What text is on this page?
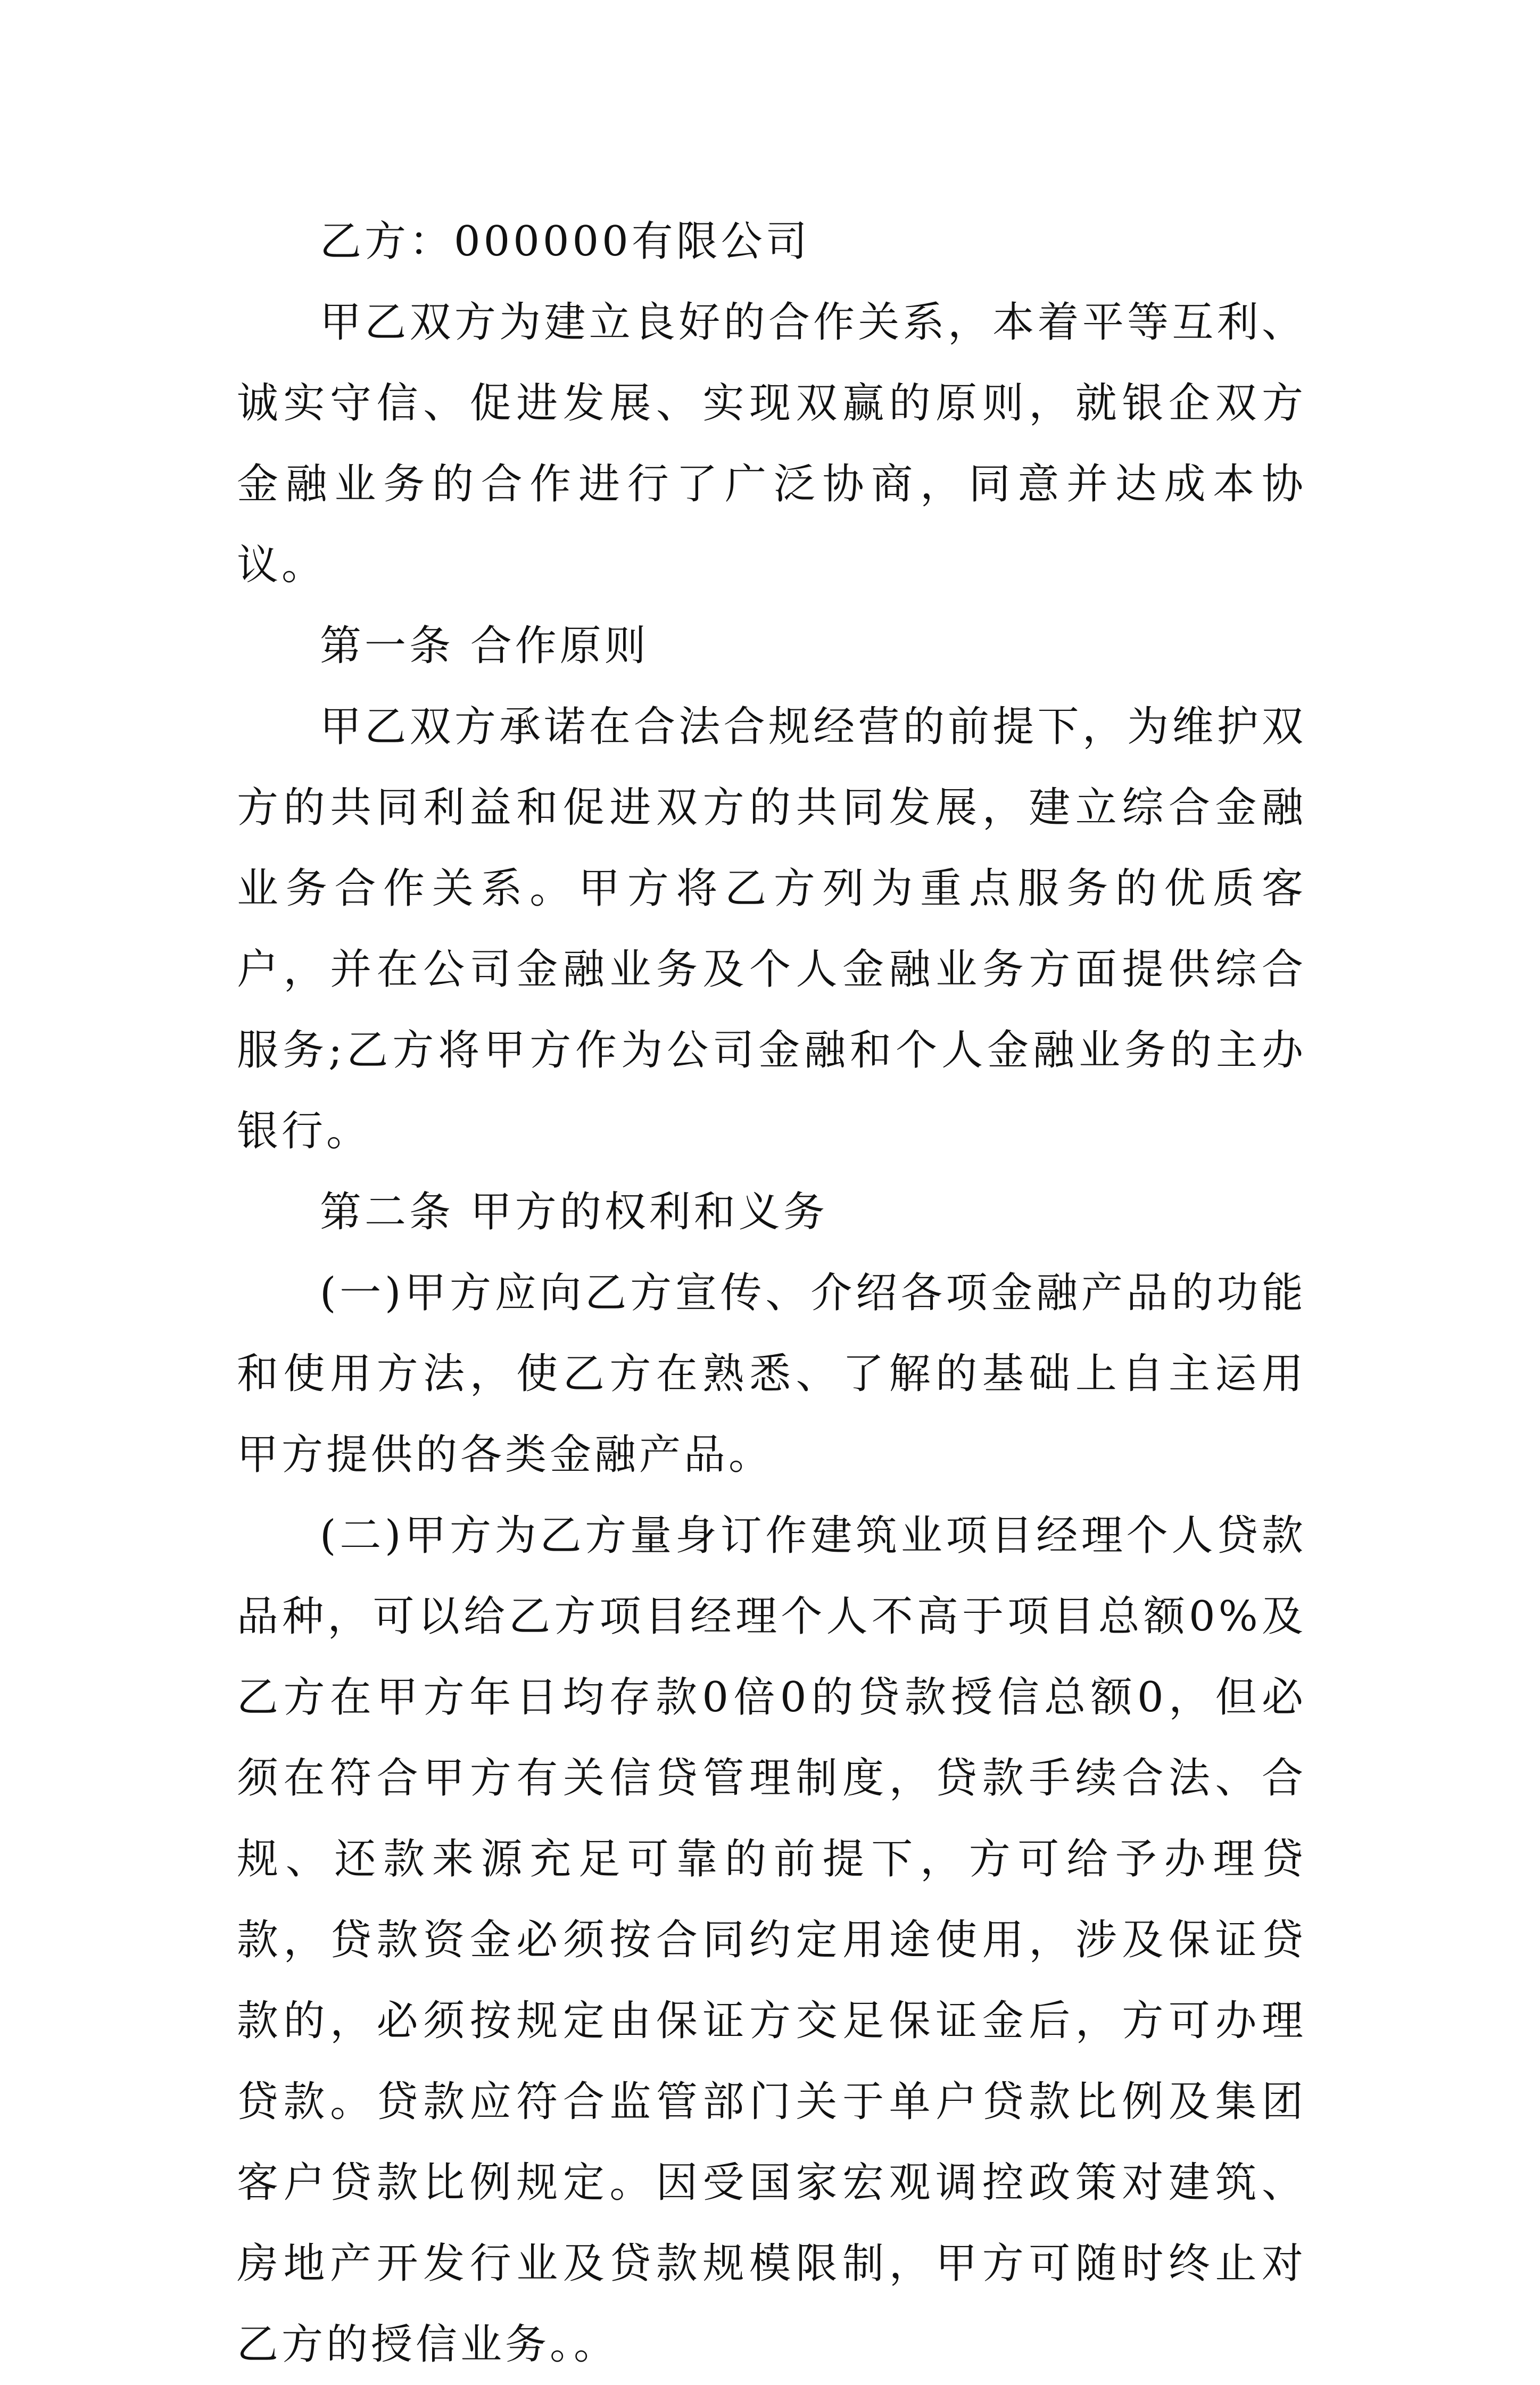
乙方：000000有限公司

甲乙双方为建立良好的合作关系，本着平等互利、诚实守信、促进发展、实现双赢的原则，就银企双方金融业务的合作进行了广泛协商，同意并达成本协议。

第一条 合作原则

甲乙双方承诺在合法合规经营的前提下，为维护双方的共同利益和促进双方的共同发展，建立综合金融业务合作关系。甲方将乙方列为重点服务的优质客户，并在公司金融业务及个人金融业务方面提供综合服务;乙方将甲方作为公司金融和个人金融业务的主办银行。

第二条 甲方的权利和义务

(一)甲方应向乙方宣传、介绍各项金融产品的功能和使用方法，使乙方在熟悉、了解的基础上自主运用甲方提供的各类金融产品。

(二)甲方为乙方量身订作建筑业项目经理个人贷款品种，可以给乙方项目经理个人不高于项目总额0%及乙方在甲方年日均存款0倍0的贷款授信总额0，但必须在符合甲方有关信贷管理制度，贷款手续合法、合规、还款来源充足可靠的前提下，方可给予办理贷款，贷款资金必须按合同约定用途使用，涉及保证贷款的，必须按规定由保证方交足保证金后，方可办理贷款。贷款应符合监管部门关于单户贷款比例及集团客户贷款比例规定。因受国家宏观调控政策对建筑、房地产开发行业及贷款规模限制，甲方可随时终止对乙方的授信业务。。
